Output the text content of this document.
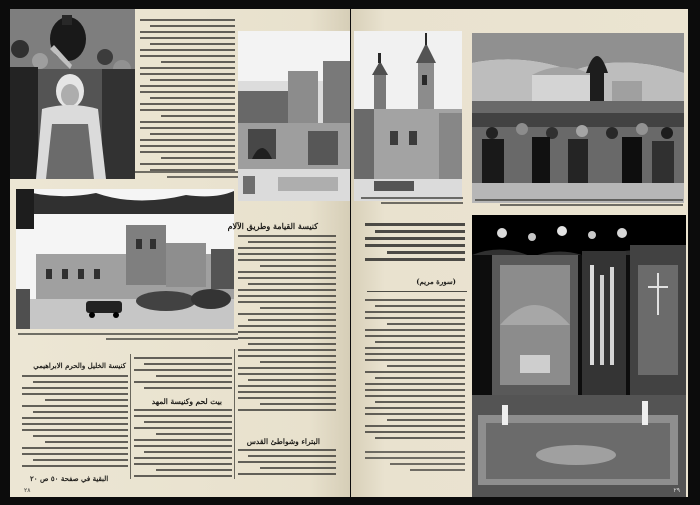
كنيسة القيامة وطريق الآلام
بيت لحم وكنيسة المهد
كنيسة الخليل والحرم الابراهيمي
البتراء وشواطئ القدس
البقية في صفحة ٥٠ ص ٢٠
٢٨
(سورة مريم)
٢٩
